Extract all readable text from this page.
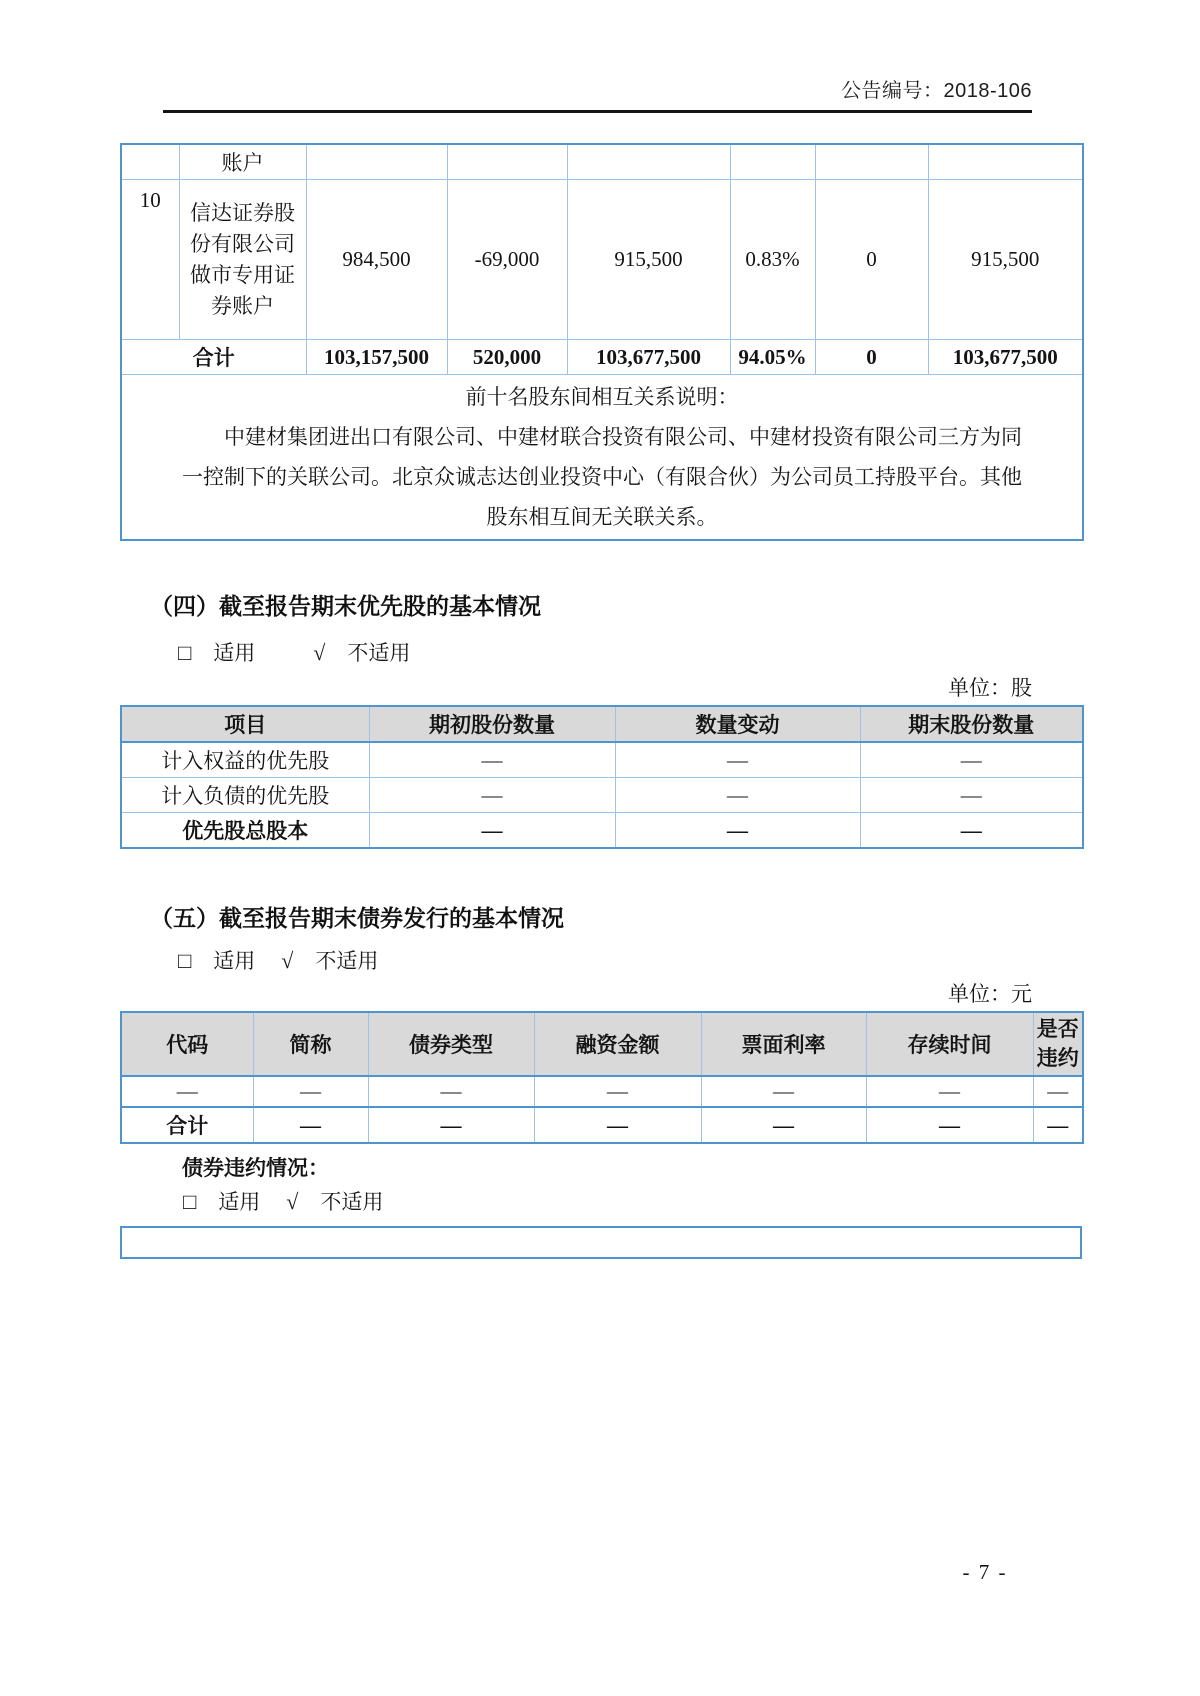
公告编号：2018-106
	账户						
10	信达证券股份有限公司做市专用证券账户	984,500	-69,000	915,500	0.83%	0	915,500
合计		103,157,500	520,000	103,677,500	94.05%	0	103,677,500

前十名股东间相互关系说明：
中建材集团进出口有限公司、中建材联合投资有限公司、中建材投资有限公司三方为同
一控制下的关联公司。北京众诚志达创业投资中心（有限合伙）为公司员工持股平台。其他
股东相互间无关联关系。							
（四）截至报告期末优先股的基本情况
□ 适用	√ 不适用
单位：股
项目	期初股份数量	数量变动	期末股份数量
计入权益的优先股	—	—	—
计入负债的优先股	—	—	—
优先股总股本	—	—	—
（五）截至报告期末债券发行的基本情况
□ 适用 √ 不适用
单位：元
代码	简称	债券类型	融资金额	票面利率	存续时间	是否违约
—	—	—	—	—	—	—
合计	—	—	—	—	—	—
债券违约情况：
□ 适用 √ 不适用
- 7 -
